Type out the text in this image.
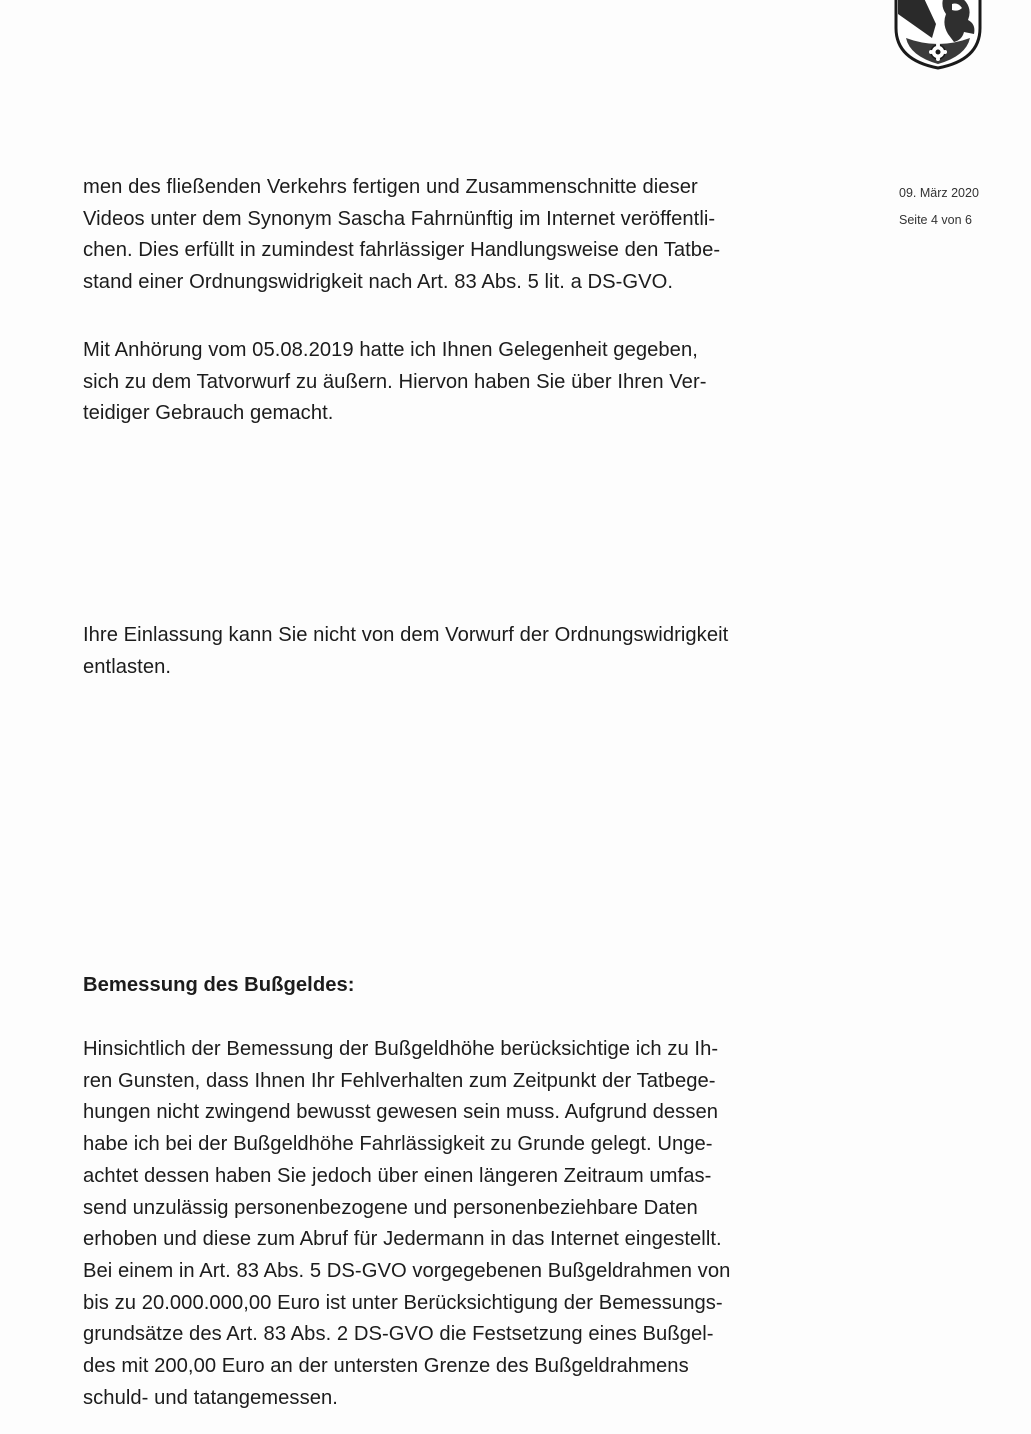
09. März 2020
Seite 4 von 6
men des fließenden Verkehrs fertigen und Zusammenschnitte dieser
Videos unter dem Synonym Sascha Fahrnünftig im Internet veröffentli-
chen. Dies erfüllt in zumindest fahrlässiger Handlungsweise den Tatbe-
stand einer Ordnungswidrigkeit nach Art. 83 Abs. 5 lit. a DS-GVO.
Mit Anhörung vom 05.08.2019 hatte ich Ihnen Gelegenheit gegeben,
sich zu dem Tatvorwurf zu äußern. Hiervon haben Sie über Ihren Ver-
teidiger Gebrauch gemacht.
Ihre Einlassung kann Sie nicht von dem Vorwurf der Ordnungswidrigkeit
entlasten.
Bemessung des Bußgeldes:
Hinsichtlich der Bemessung der Bußgeldhöhe berücksichtige ich zu Ih-
ren Gunsten, dass Ihnen Ihr Fehlverhalten zum Zeitpunkt der Tatbege-
hungen nicht zwingend bewusst gewesen sein muss. Aufgrund dessen
habe ich bei der Bußgeldhöhe Fahrlässigkeit zu Grunde gelegt. Unge-
achtet dessen haben Sie jedoch über einen längeren Zeitraum umfas-
send unzulässig personenbezogene und personenbeziehbare Daten
erhoben und diese zum Abruf für Jedermann in das Internet eingestellt.
Bei einem in Art. 83 Abs. 5 DS-GVO vorgegebenen Bußgeldrahmen von
bis zu 20.000.000,00 Euro ist unter Berücksichtigung der Bemessungs-
grundsätze des Art. 83 Abs. 2 DS-GVO die Festsetzung eines Bußgel-
des mit 200,00 Euro an der untersten Grenze des Bußgeldrahmens
schuld- und tatangemessen.
